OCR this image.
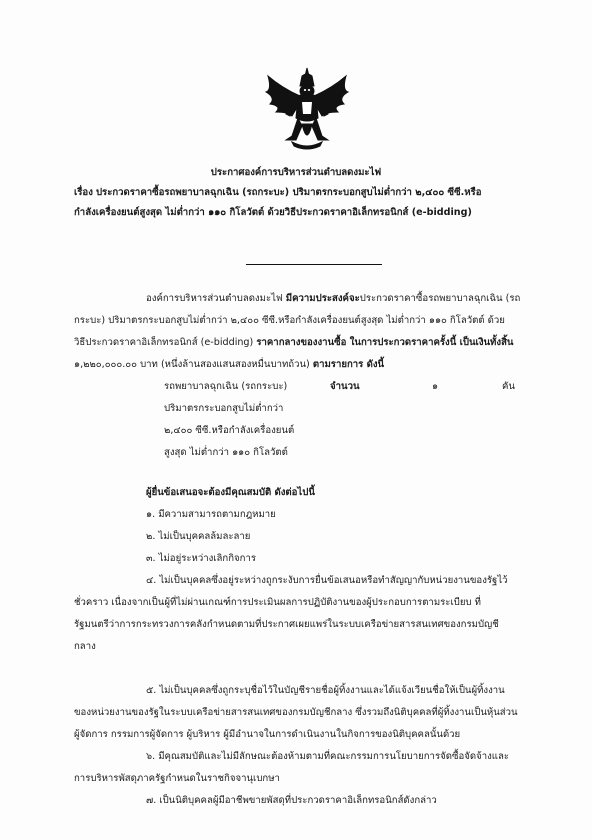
ประกาศองค์การบริหารส่วนตำบลดงมะไฟ
เรื่อง ประกวดราคาซื้อรถพยาบาลฉุกเฉิน (รถกระบะ) ปริมาตรกระบอกสูบไม่ต่ำกว่า ๒,๔๐๐ ซีซี.หรือ
กำลังเครื่องยนต์สูงสุด ไม่ต่ำกว่า ๑๑๐ กิโลวัตต์ ด้วยวิธีประกวดราคาอิเล็กทรอนิกส์ (e-bidding)
องค์การบริหารส่วนตำบลดงมะไฟ มีความประสงค์จะประกวดราคาซื้อรถพยาบาลฉุกเฉิน (รถ
กระบะ) ปริมาตรกระบอกสูบไม่ต่ำกว่า ๒,๔๐๐ ซีซี.หรือกำลังเครื่องยนต์สูงสุด ไม่ต่ำกว่า ๑๑๐ กิโลวัตต์ ด้วย
วิธีประกวดราคาอิเล็กทรอนิกส์ (e-bidding) ราคากลางของงานซื้อ ในการประกวดราคาครั้งนี้ เป็นเงินทั้งสิ้น
๑,๒๒๐,๐๐๐.๐๐ บาท (หนึ่งล้านสองแสนสองหมื่นบาทถ้วน) ตามรายการ ดังนี้
รถพยาบาลฉุกเฉิน (รถกระบะ)	จำนวน	๑	คัน
ปริมาตรกระบอกสูบไม่ต่ำกว่า
๒,๔๐๐ ซีซี.หรือกำลังเครื่องยนต์
สูงสุด ไม่ต่ำกว่า ๑๑๐ กิโลวัตต์
ผู้ยื่นข้อเสนอจะต้องมีคุณสมบัติ ดังต่อไปนี้
๑. มีความสามารถตามกฎหมาย
๒. ไม่เป็นบุคคลล้มละลาย
๓. ไม่อยู่ระหว่างเลิกกิจการ
๔. ไม่เป็นบุคคลซึ่งอยู่ระหว่างถูกระงับการยื่นข้อเสนอหรือทำสัญญากับหน่วยงานของรัฐไว้
ชั่วคราว เนื่องจากเป็นผู้ที่ไม่ผ่านเกณฑ์การประเมินผลการปฏิบัติงานของผู้ประกอบการตามระเบียบ ที่
รัฐมนตรีว่าการกระทรวงการคลังกำหนดตามที่ประกาศเผยแพร่ในระบบเครือข่ายสารสนเทศของกรมบัญชี
กลาง
๕. ไม่เป็นบุคคลซึ่งถูกระบุชื่อไว้ในบัญชีรายชื่อผู้ทิ้งงานและได้แจ้งเวียนชื่อให้เป็นผู้ทิ้งงาน
ของหน่วยงานของรัฐในระบบเครือข่ายสารสนเทศของกรมบัญชีกลาง ซึ่งรวมถึงนิติบุคคลที่ผู้ทิ้งงานเป็นหุ้นส่วน
ผู้จัดการ กรรมการผู้จัดการ ผู้บริหาร ผู้มีอำนาจในการดำเนินงานในกิจการของนิติบุคคลนั้นด้วย
๖. มีคุณสมบัติและไม่มีลักษณะต้องห้ามตามที่คณะกรรมการนโยบายการจัดซื้อจัดจ้างและ
การบริหารพัสดุภาครัฐกำหนดในราชกิจจานุเบกษา
๗. เป็นนิติบุคคลผู้มีอาชีพขายพัสดุที่ประกวดราคาอิเล็กทรอนิกส์ดังกล่าว
